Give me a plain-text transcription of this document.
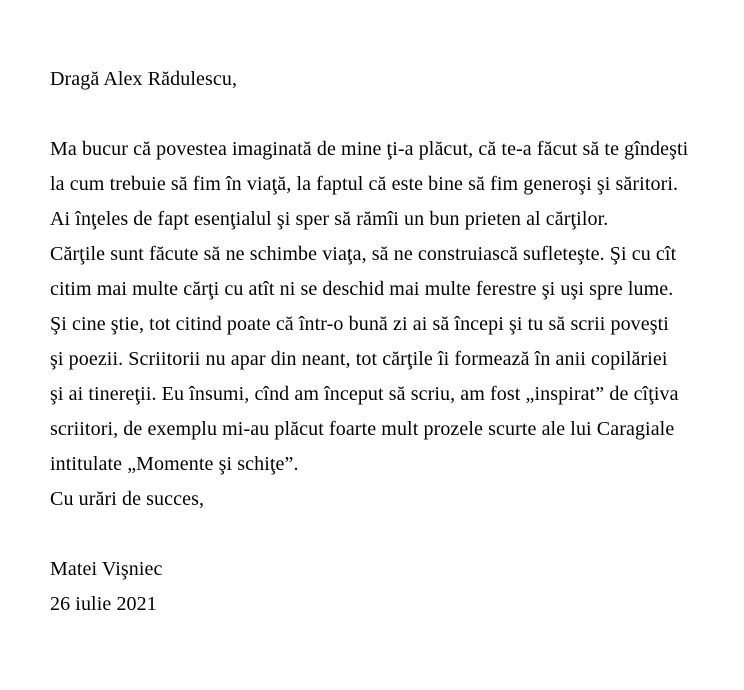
Dragă Alex Rădulescu,
Ma bucur că povestea imaginată de mine ţi-a plăcut, că te-a făcut să te gîndeşti
la cum trebuie să fim în viaţă, la faptul că este bine să fim generoşi şi săritori.
Ai înţeles de fapt esenţialul şi sper să rămîi un bun prieten al cărţilor.
Cărţile sunt făcute să ne schimbe viaţa, să ne construiască sufleteşte. Şi cu cît
citim mai multe cărţi cu atît ni se deschid mai multe ferestre şi uşi spre lume.
Şi cine ştie, tot citind poate că într-o bună zi ai să începi şi tu să scrii poveşti
şi poezii. Scriitorii nu apar din neant, tot cărţile îi formează în anii copilăriei
şi ai tinereţii. Eu însumi, cînd am început să scriu, am fost „inspirat” de cîţiva
scriitori, de exemplu mi-au plăcut foarte mult prozele scurte ale lui Caragiale
intitulate „Momente şi schiţe”.
Cu urări de succes,
Matei Vişniec
26 iulie 2021
